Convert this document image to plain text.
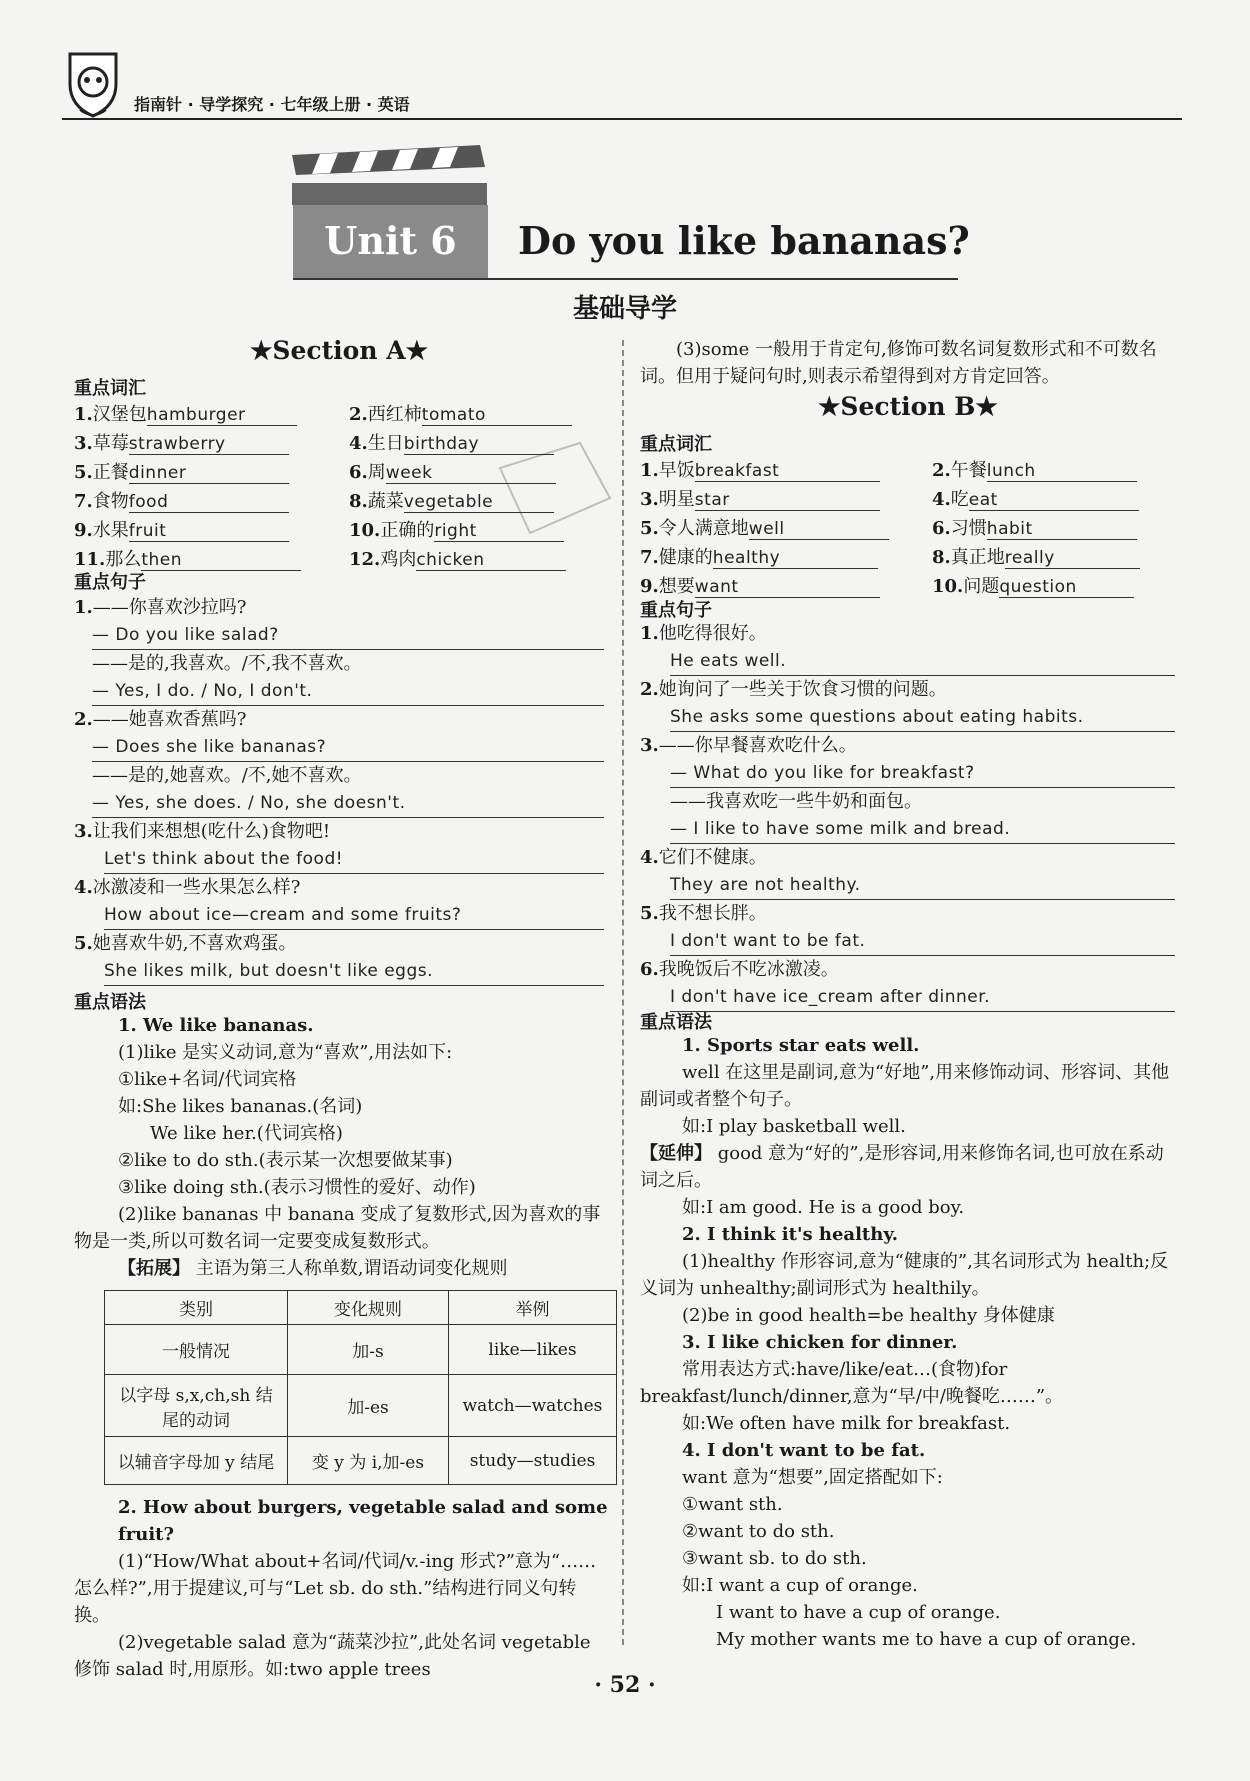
指南针 · 导学探究 · 七年级上册 · 英语
Unit 6	Do you like bananas?
基础导学
★Section A★
重点词汇
1.汉堡包hamburger	2.西红柿tomato
3.草莓strawberry	4.生日birthday
5.正餐dinner	6.周week
7.食物food	8.蔬菜vegetable
9.水果fruit	10.正确的right
11.那么then	12.鸡肉chicken
重点句子
1.——你喜欢沙拉吗?
— Do you like salad?
——是的,我喜欢。/不,我不喜欢。
— Yes, I do. / No, I don't.
2.——她喜欢香蕉吗?
— Does she like bananas?
——是的,她喜欢。/不,她不喜欢。
— Yes, she does. / No, she doesn't.
3.让我们来想想(吃什么)食物吧!
Let's think about the food!
4.冰激凌和一些水果怎么样?
How about ice—cream and some fruits?
5.她喜欢牛奶,不喜欢鸡蛋。
She likes milk, but doesn't like eggs.
重点语法
1. We like bananas.
(1)like 是实义动词,意为“喜欢”,用法如下:
①like+名词/代词宾格
如:She likes bananas.(名词)
We like her.(代词宾格)
②like to do sth.(表示某一次想要做某事)
③like doing sth.(表示习惯性的爱好、动作)
(2)like bananas 中 banana 变成了复数形式,因为喜欢的事物是一类,所以可数名词一定要变成复数形式。
【拓展】 主语为第三人称单数,谓语动词变化规则
类别	变化规则	举例
一般情况	加-s	like—likes
以字母 s,x,ch,sh 结尾的动词	加-es	watch—watches
以辅音字母加 y 结尾	变 y 为 i,加-es	study—studies
2. How about burgers, vegetable salad and some fruit?
(1)“How/What about+名词/代词/v.-ing 形式?”意为“……怎么样?”,用于提建议,可与“Let sb. do sth.”结构进行同义句转换。
(2)vegetable salad 意为“蔬菜沙拉”,此处名词 vegetable 修饰 salad 时,用原形。如:two apple trees
(3)some 一般用于肯定句,修饰可数名词复数形式和不可数名词。但用于疑问句时,则表示希望得到对方肯定回答。
★Section B★
重点词汇
1.早饭breakfast	2.午餐lunch
3.明星star	4.吃eat
5.令人满意地well	6.习惯habit
7.健康的healthy	8.真正地really
9.想要want	10.问题question
重点句子
1.他吃得很好。
He eats well.
2.她询问了一些关于饮食习惯的问题。
She asks some questions about eating habits.
3.——你早餐喜欢吃什么。
— What do you like for breakfast?
——我喜欢吃一些牛奶和面包。
— I like to have some milk and bread.
4.它们不健康。
They are not healthy.
5.我不想长胖。
I don't want to be fat.
6.我晚饭后不吃冰激凌。
I don't have ice_cream after dinner.
重点语法
1. Sports star eats well.
well 在这里是副词,意为“好地”,用来修饰动词、形容词、其他副词或者整个句子。
如:I play basketball well.
【延伸】 good 意为“好的”,是形容词,用来修饰名词,也可放在系动词之后。
如:I am good. He is a good boy.
2. I think it's healthy.
(1)healthy 作形容词,意为“健康的”,其名词形式为 health;反义词为 unhealthy;副词形式为 healthily。
(2)be in good health=be healthy 身体健康
3. I like chicken for dinner.
常用表达方式:have/like/eat…(食物)for breakfast/lunch/dinner,意为“早/中/晚餐吃……”。
如:We often have milk for breakfast.
4. I don't want to be fat.
want 意为“想要”,固定搭配如下:
①want sth.
②want to do sth.
③want sb. to do sth.
如:I want a cup of orange.
I want to have a cup of orange.
My mother wants me to have a cup of orange.
· 52 ·
